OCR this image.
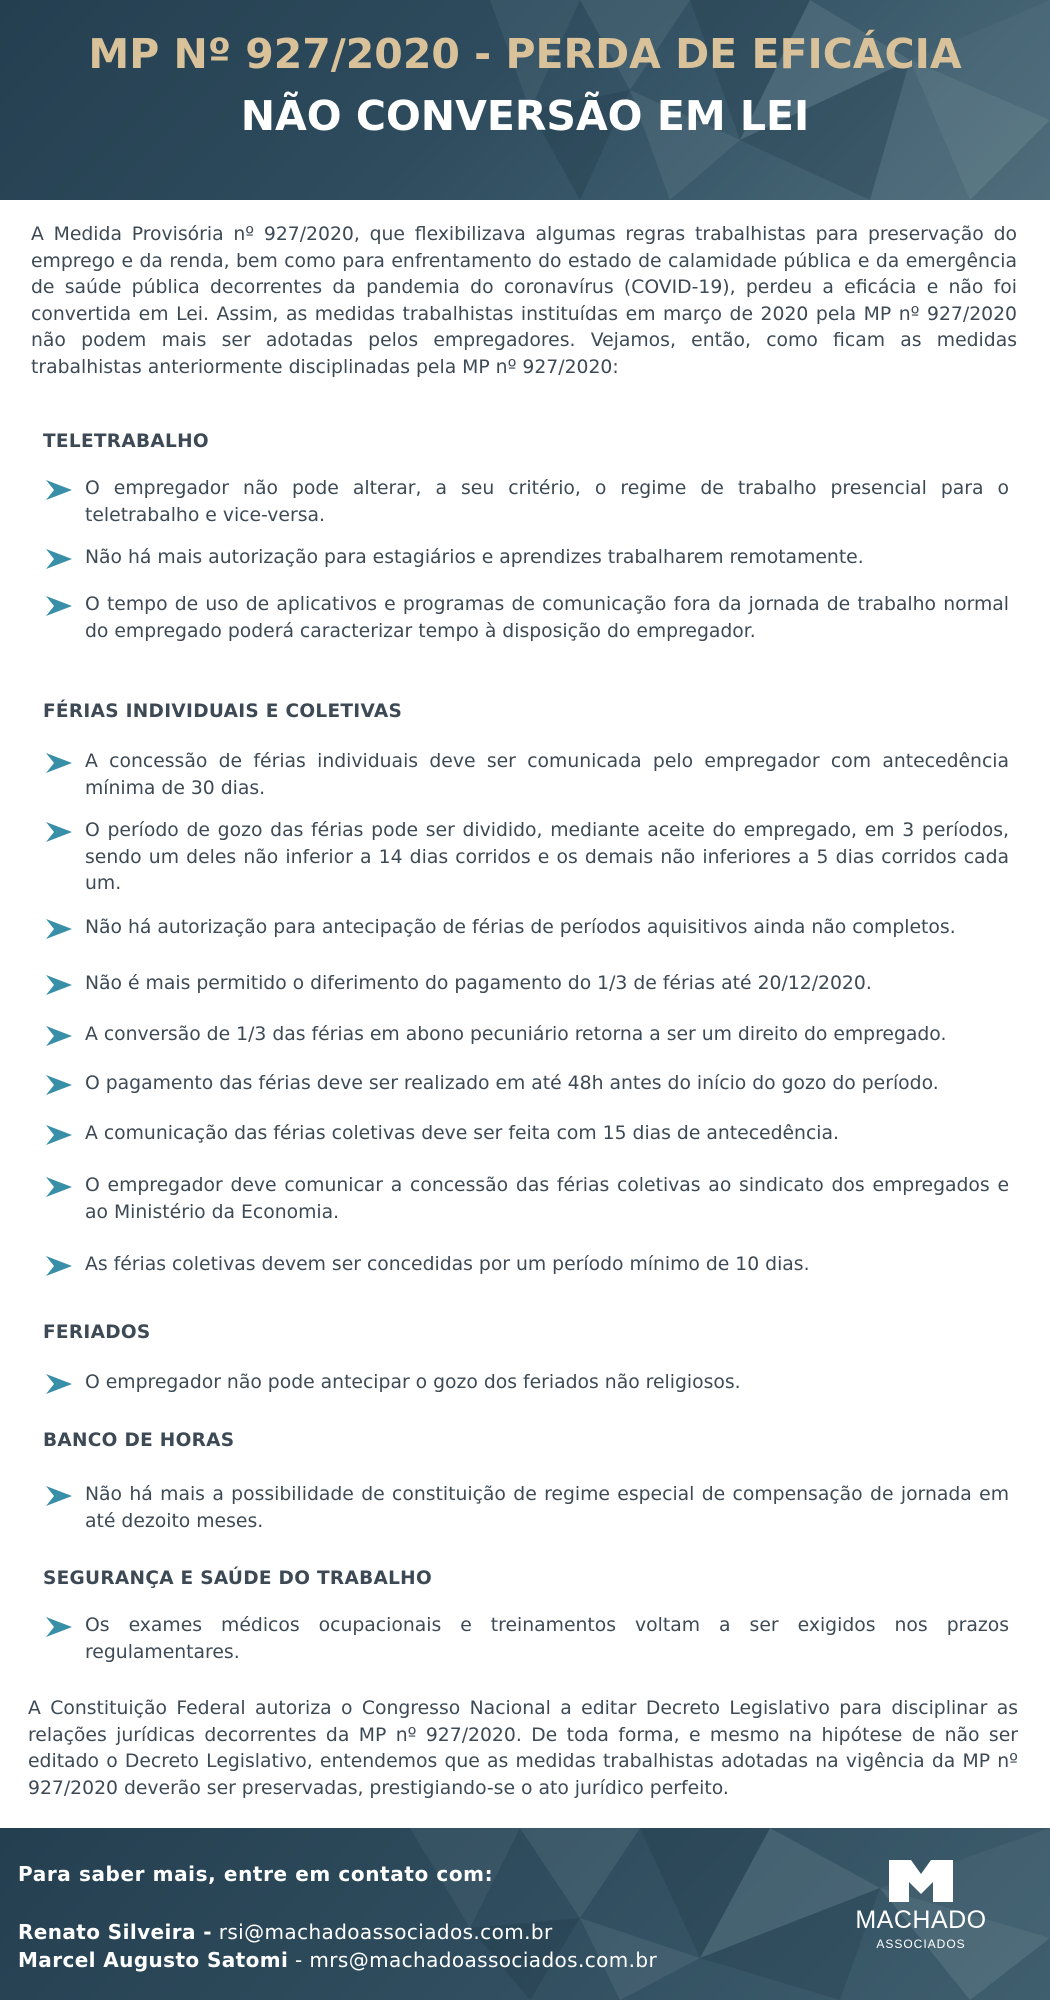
MP Nº 927/2020 - PERDA DE EFICÁCIA
NÃO CONVERSÃO EM LEI

A Medida Provisória nº 927/2020, que flexibilizava algumas regras trabalhistas para preservação do emprego e da renda, bem como para enfrentamento do estado de calamidade pública e da emergência de saúde pública decorrentes da pandemia do coronavírus (COVID-19), perdeu a eficácia e não foi convertida em Lei. Assim, as medidas trabalhistas instituídas em março de 2020 pela MP nº 927/2020 não podem mais ser adotadas pelos empregadores. Vejamos, então, como ficam as medidas trabalhistas anteriormente disciplinadas pela MP nº 927/2020:

TELETRABALHO

O empregador não pode alterar, a seu critério, o regime de trabalho presencial para o teletrabalho e vice-versa.

Não há mais autorização para estagiários e aprendizes trabalharem remotamente.

O tempo de uso de aplicativos e programas de comunicação fora da jornada de trabalho normal do empregado poderá caracterizar tempo à disposição do empregador.

FÉRIAS INDIVIDUAIS E COLETIVAS

A concessão de férias individuais deve ser comunicada pelo empregador com antecedência mínima de 30 dias.

O período de gozo das férias pode ser dividido, mediante aceite do empregado, em 3 períodos, sendo um deles não inferior a 14 dias corridos e os demais não inferiores a 5 dias corridos cada um.

Não há autorização para antecipação de férias de períodos aquisitivos ainda não completos.

Não é mais permitido o diferimento do pagamento do 1/3 de férias até 20/12/2020.

A conversão de 1/3 das férias em abono pecuniário retorna a ser um direito do empregado.

O pagamento das férias deve ser realizado em até 48h antes do início do gozo do período.

A comunicação das férias coletivas deve ser feita com 15 dias de antecedência.

O empregador deve comunicar a concessão das férias coletivas ao sindicato dos empregados e ao Ministério da Economia.

As férias coletivas devem ser concedidas por um período mínimo de 10 dias.

FERIADOS

O empregador não pode antecipar o gozo dos feriados não religiosos.

BANCO DE HORAS

Não há mais a possibilidade de constituição de regime especial de compensação de jornada em até dezoito meses.

SEGURANÇA E SAÚDE DO TRABALHO

Os exames médicos ocupacionais e treinamentos voltam a ser exigidos nos prazos regulamentares.

A Constituição Federal autoriza o Congresso Nacional a editar Decreto Legislativo para disciplinar as relações jurídicas decorrentes da MP nº 927/2020. De toda forma, e mesmo na hipótese de não ser editado o Decreto Legislativo, entendemos que as medidas trabalhistas adotadas na vigência da MP nº 927/2020 deverão ser preservadas, prestigiando-se o ato jurídico perfeito.

Para saber mais, entre em contato com:

Renato Silveira - rsi@machadoassociados.com.br

Marcel Augusto Satomi - mrs@machadoassociados.com.br

MACHADO
ASSOCIADOS
